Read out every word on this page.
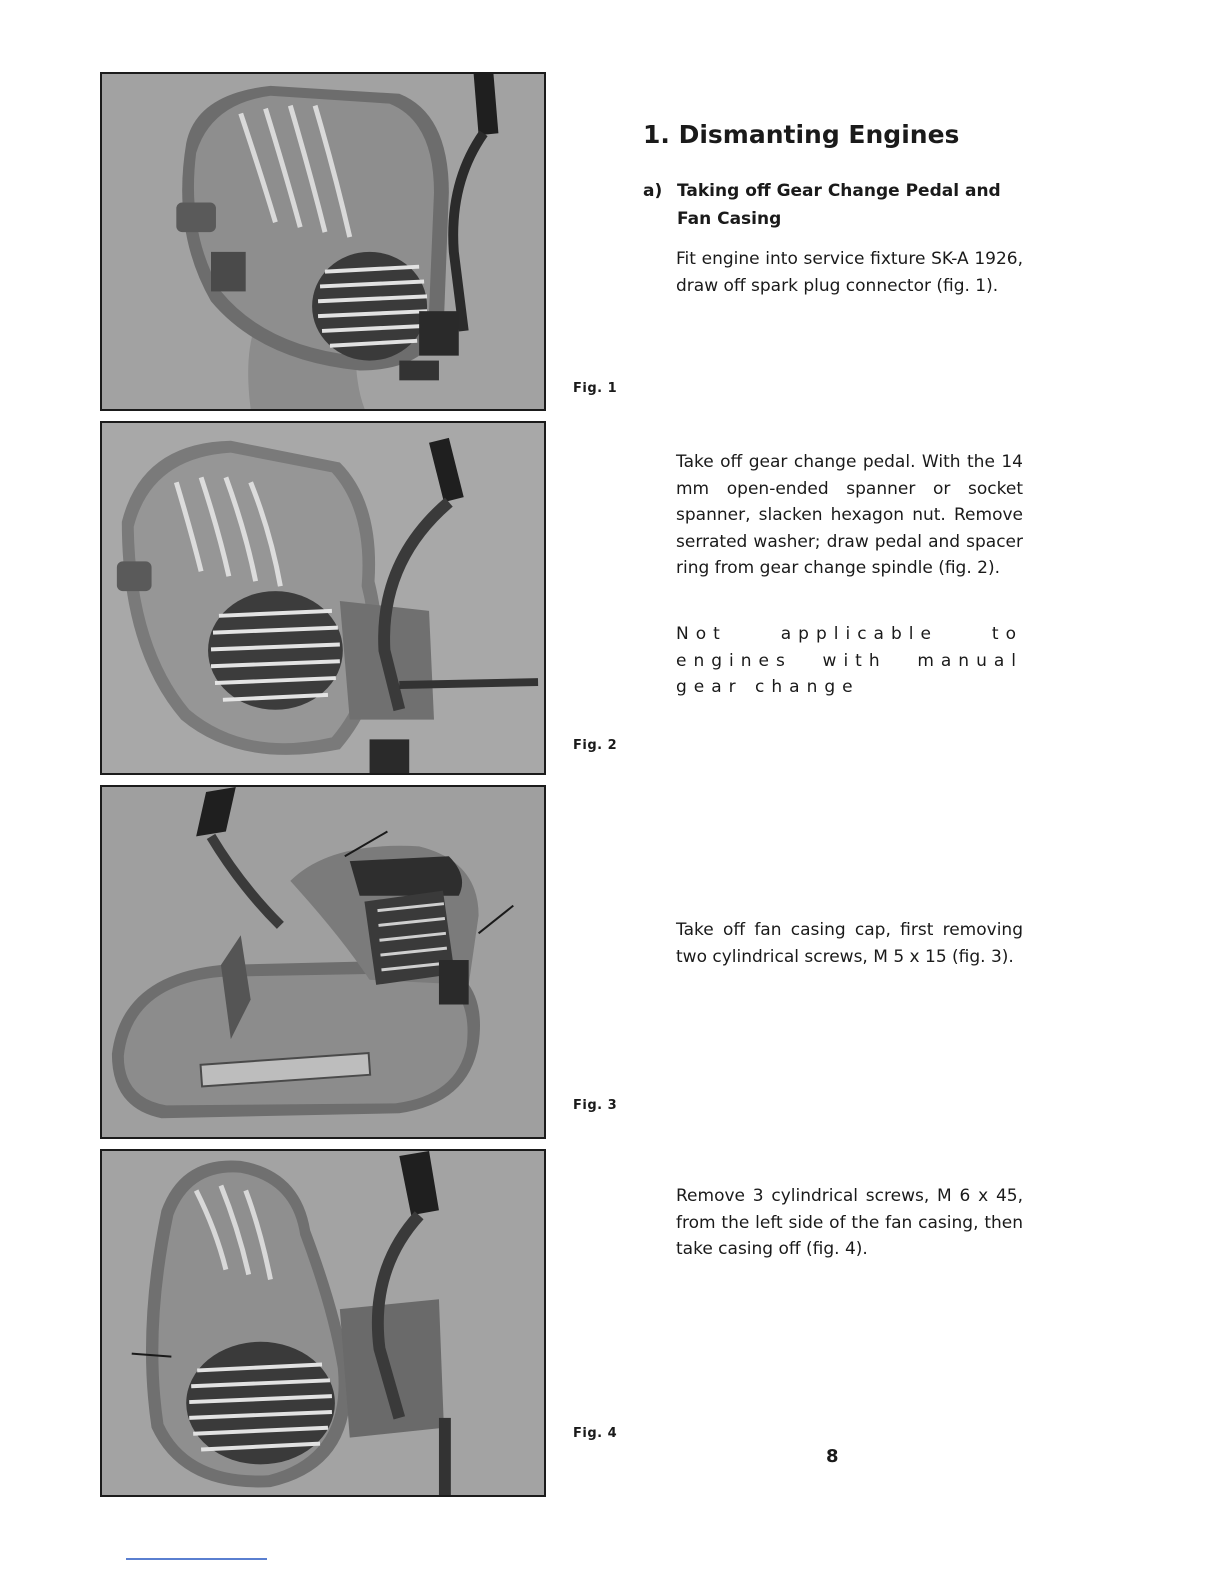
Fig. 1
Fig. 2
Fig. 3
Fig. 4
1. Dismanting Engines
a) Taking off Gear Change Pedal and Fan Casing

Fit engine into service fixture SK-A 1926, draw off spark plug connector (fig. 1).

Take off gear change pedal. With the 14 mm open-ended spanner or socket spanner, slacken hexagon nut. Remove serrated washer; draw pedal and spacer ring from gear change spindle (fig. 2).

Not applicable to engines with manual gear change

Take off fan casing cap, first removing two cylindrical screws, M 5 x 15 (fig. 3).

Remove 3 cylindrical screws, M 6 x 45, from the left side of the fan casing, then take casing off (fig. 4).

8
